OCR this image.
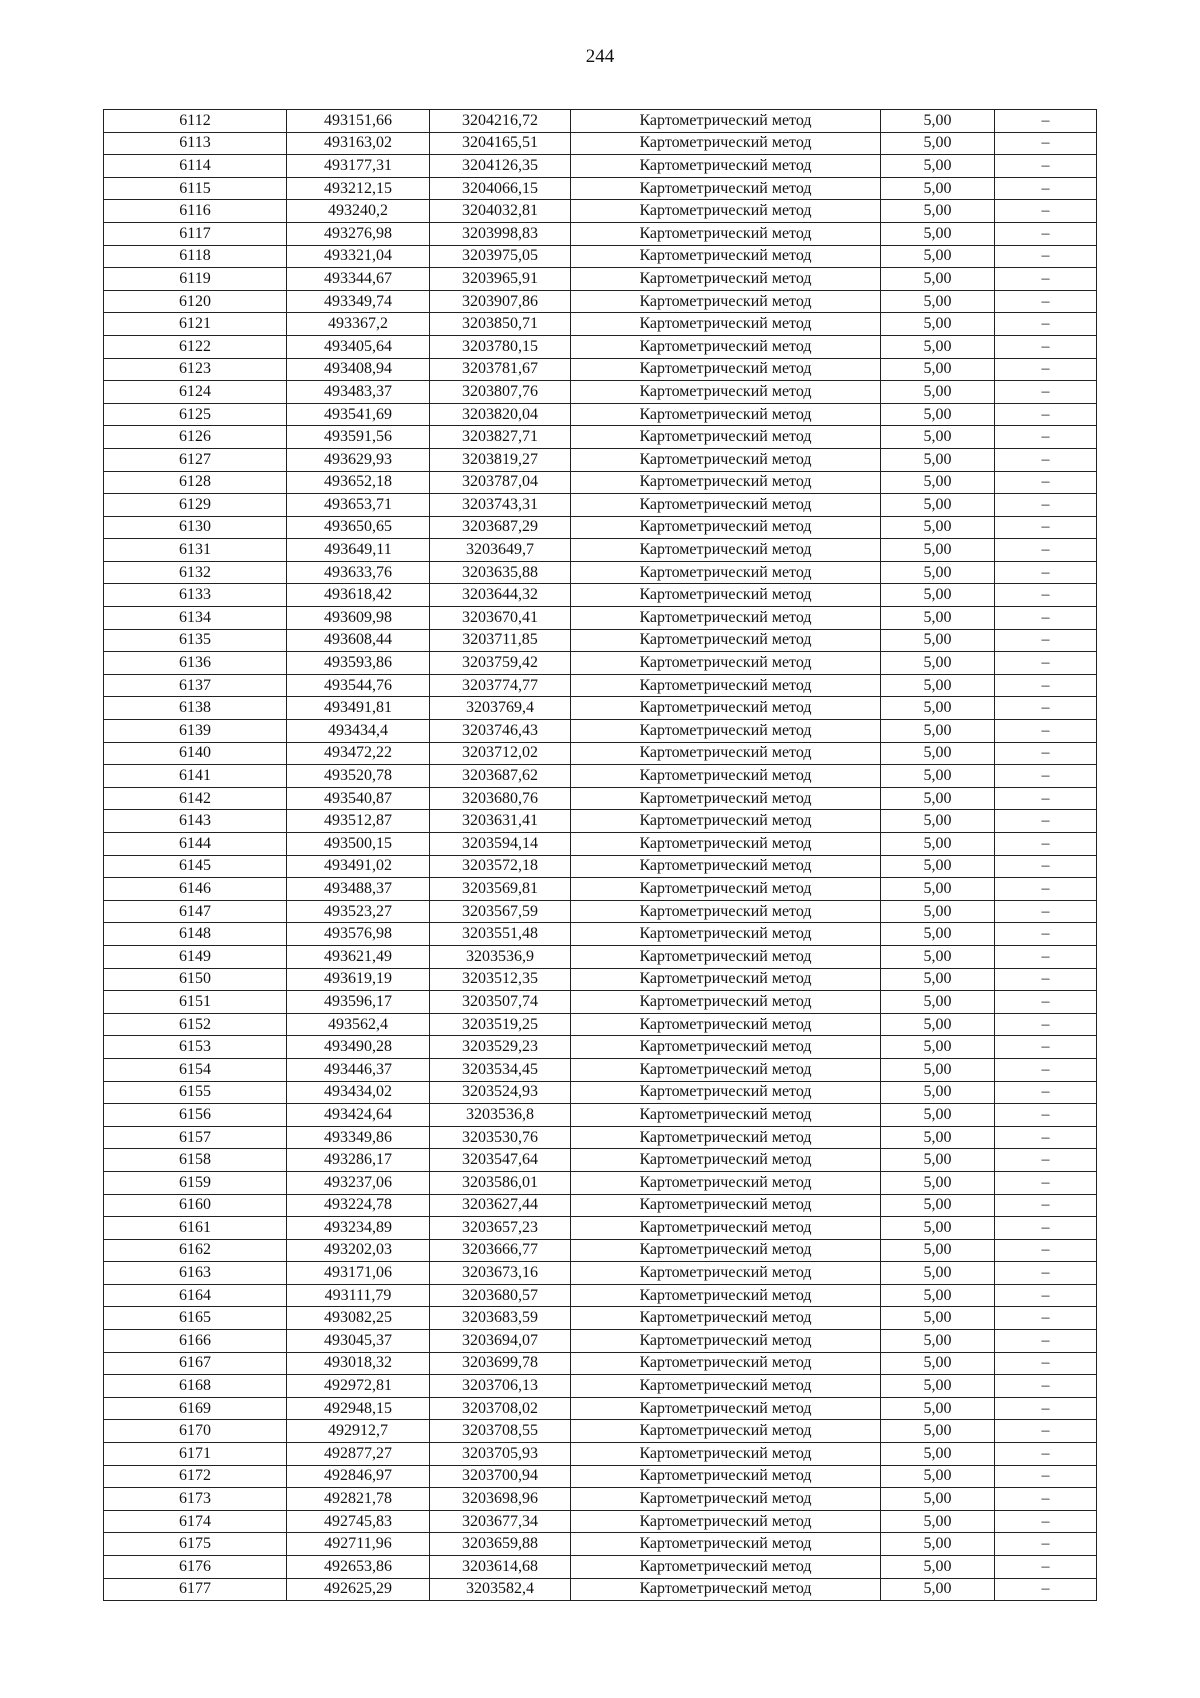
244
6112	493151,66	3204216,72	Картометрический метод	5,00	–
6113	493163,02	3204165,51	Картометрический метод	5,00	–
6114	493177,31	3204126,35	Картометрический метод	5,00	–
6115	493212,15	3204066,15	Картометрический метод	5,00	–
6116	493240,2	3204032,81	Картометрический метод	5,00	–
6117	493276,98	3203998,83	Картометрический метод	5,00	–
6118	493321,04	3203975,05	Картометрический метод	5,00	–
6119	493344,67	3203965,91	Картометрический метод	5,00	–
6120	493349,74	3203907,86	Картометрический метод	5,00	–
6121	493367,2	3203850,71	Картометрический метод	5,00	–
6122	493405,64	3203780,15	Картометрический метод	5,00	–
6123	493408,94	3203781,67	Картометрический метод	5,00	–
6124	493483,37	3203807,76	Картометрический метод	5,00	–
6125	493541,69	3203820,04	Картометрический метод	5,00	–
6126	493591,56	3203827,71	Картометрический метод	5,00	–
6127	493629,93	3203819,27	Картометрический метод	5,00	–
6128	493652,18	3203787,04	Картометрический метод	5,00	–
6129	493653,71	3203743,31	Картометрический метод	5,00	–
6130	493650,65	3203687,29	Картометрический метод	5,00	–
6131	493649,11	3203649,7	Картометрический метод	5,00	–
6132	493633,76	3203635,88	Картометрический метод	5,00	–
6133	493618,42	3203644,32	Картометрический метод	5,00	–
6134	493609,98	3203670,41	Картометрический метод	5,00	–
6135	493608,44	3203711,85	Картометрический метод	5,00	–
6136	493593,86	3203759,42	Картометрический метод	5,00	–
6137	493544,76	3203774,77	Картометрический метод	5,00	–
6138	493491,81	3203769,4	Картометрический метод	5,00	–
6139	493434,4	3203746,43	Картометрический метод	5,00	–
6140	493472,22	3203712,02	Картометрический метод	5,00	–
6141	493520,78	3203687,62	Картометрический метод	5,00	–
6142	493540,87	3203680,76	Картометрический метод	5,00	–
6143	493512,87	3203631,41	Картометрический метод	5,00	–
6144	493500,15	3203594,14	Картометрический метод	5,00	–
6145	493491,02	3203572,18	Картометрический метод	5,00	–
6146	493488,37	3203569,81	Картометрический метод	5,00	–
6147	493523,27	3203567,59	Картометрический метод	5,00	–
6148	493576,98	3203551,48	Картометрический метод	5,00	–
6149	493621,49	3203536,9	Картометрический метод	5,00	–
6150	493619,19	3203512,35	Картометрический метод	5,00	–
6151	493596,17	3203507,74	Картометрический метод	5,00	–
6152	493562,4	3203519,25	Картометрический метод	5,00	–
6153	493490,28	3203529,23	Картометрический метод	5,00	–
6154	493446,37	3203534,45	Картометрический метод	5,00	–
6155	493434,02	3203524,93	Картометрический метод	5,00	–
6156	493424,64	3203536,8	Картометрический метод	5,00	–
6157	493349,86	3203530,76	Картометрический метод	5,00	–
6158	493286,17	3203547,64	Картометрический метод	5,00	–
6159	493237,06	3203586,01	Картометрический метод	5,00	–
6160	493224,78	3203627,44	Картометрический метод	5,00	–
6161	493234,89	3203657,23	Картометрический метод	5,00	–
6162	493202,03	3203666,77	Картометрический метод	5,00	–
6163	493171,06	3203673,16	Картометрический метод	5,00	–
6164	493111,79	3203680,57	Картометрический метод	5,00	–
6165	493082,25	3203683,59	Картометрический метод	5,00	–
6166	493045,37	3203694,07	Картометрический метод	5,00	–
6167	493018,32	3203699,78	Картометрический метод	5,00	–
6168	492972,81	3203706,13	Картометрический метод	5,00	–
6169	492948,15	3203708,02	Картометрический метод	5,00	–
6170	492912,7	3203708,55	Картометрический метод	5,00	–
6171	492877,27	3203705,93	Картометрический метод	5,00	–
6172	492846,97	3203700,94	Картометрический метод	5,00	–
6173	492821,78	3203698,96	Картометрический метод	5,00	–
6174	492745,83	3203677,34	Картометрический метод	5,00	–
6175	492711,96	3203659,88	Картометрический метод	5,00	–
6176	492653,86	3203614,68	Картометрический метод	5,00	–
6177	492625,29	3203582,4	Картометрический метод	5,00	–
